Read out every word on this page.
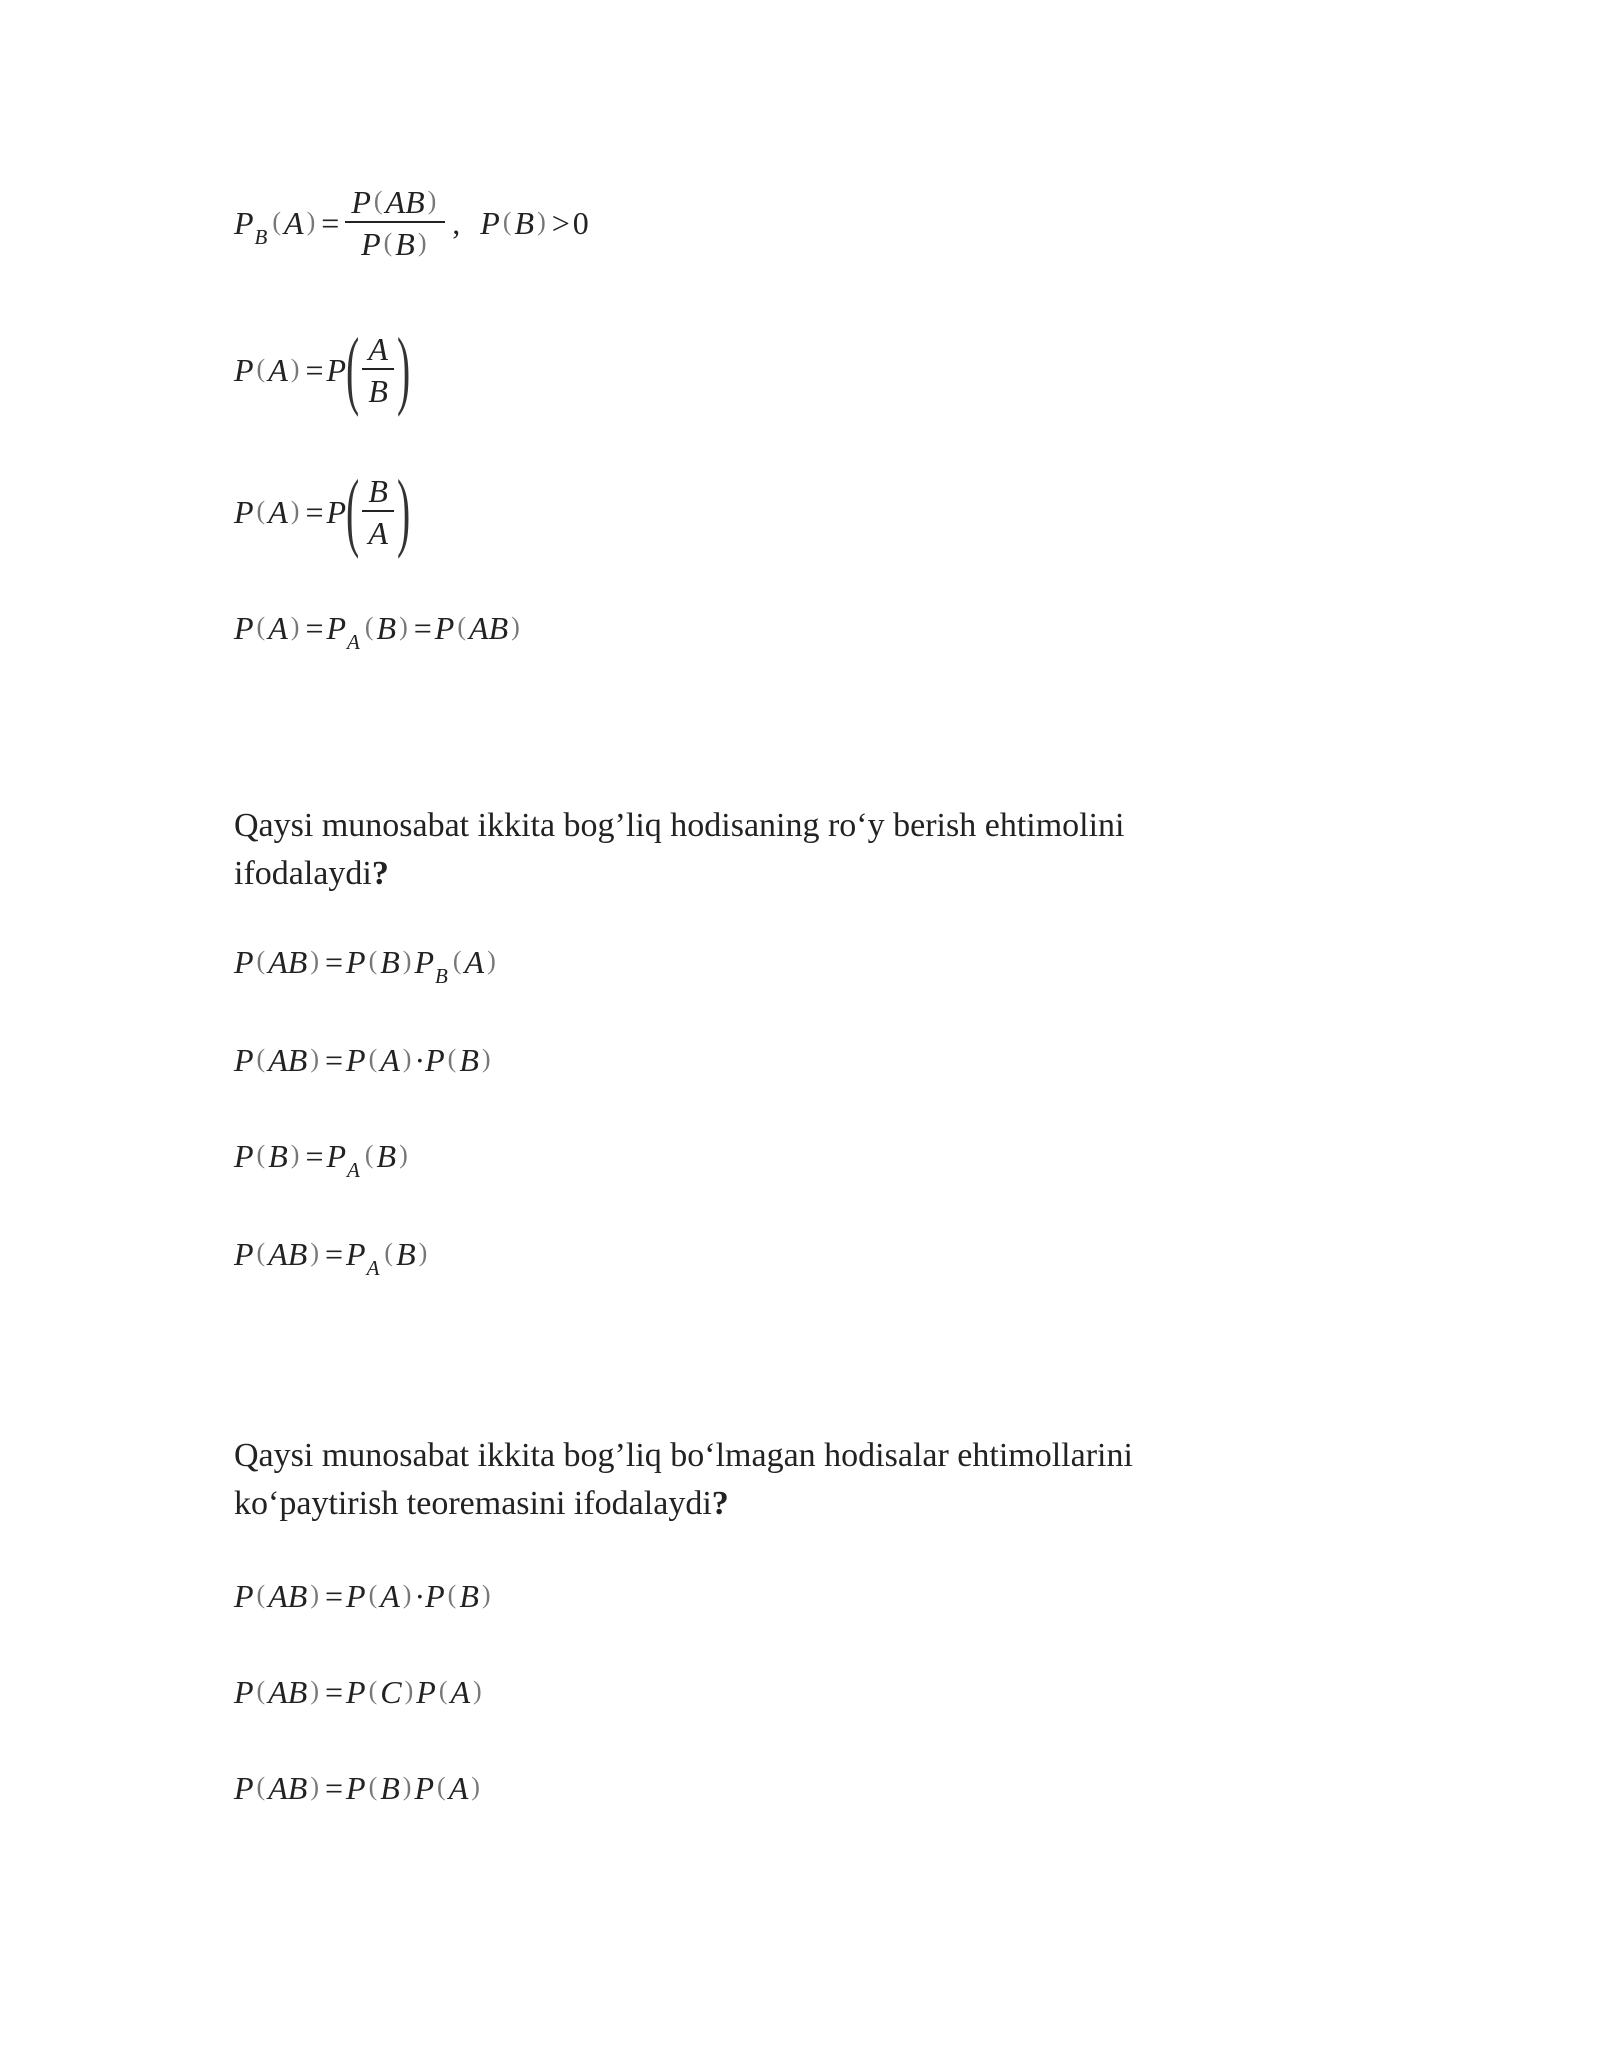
P B
( A ) = $\frac{P ( AB )}{P ( B )}$ , P ( B ) > 0
P ( A ) = P ( $\frac{A}{B}$ )
P ( A ) = P ( $\frac{B}{A}$ )
P ( A ) = P A
( B ) = P ( AB )
Qaysi munosabat ikkita bog’liq hodisaning ro‘y berish ehtimolini ifodalaydi?
P ( AB ) = P ( B ) P B
( A )
P ( AB ) = P ( A ) · P ( B )
P ( B ) = P A
( B )
P ( AB ) = P A
( B )
Qaysi munosabat ikkita bog’liq bo‘lmagan hodisalar ehtimollarini ko‘paytirish teoremasini ifodalaydi?
P ( AB ) = P ( A ) · P ( B )
P ( AB ) = P ( C ) P ( A )
P ( AB ) = P ( B ) P ( A )
